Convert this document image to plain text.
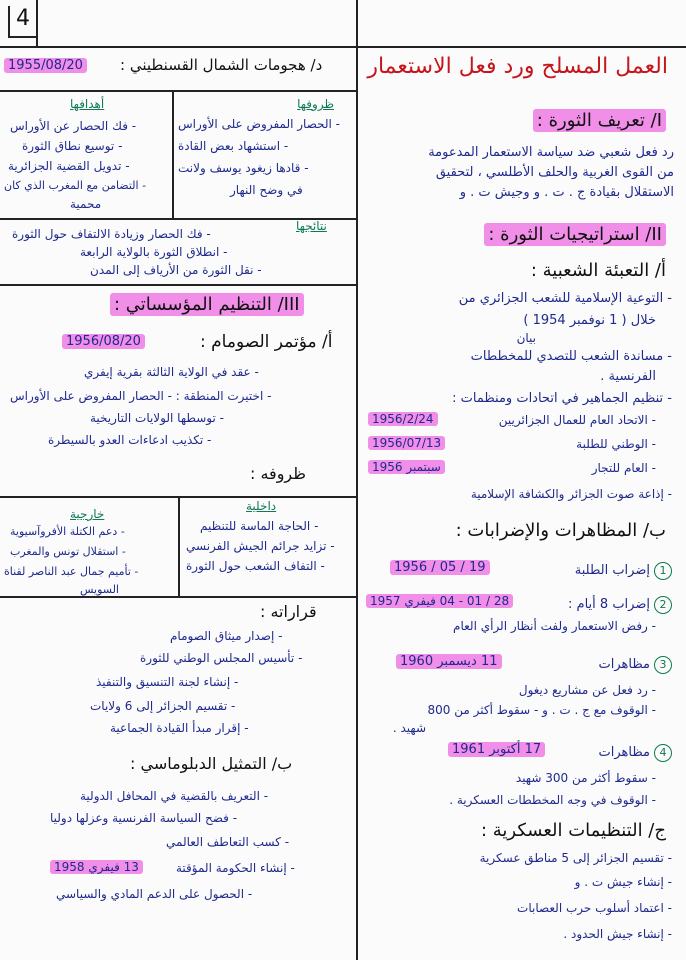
4
العمل المسلح ورد فعل الاستعمار
I/ تعريف الثورة :
رد فعل شعبي ضد سياسة الاستعمار المدعومة
من القوى الغربية والحلف الأطلسي ، لتحقيق
الاستقلال بقيادة ج . ت . و وجيش ت . و
II/ استراتيجيات الثورة :
أ/ التعبئة الشعبية :
- التوعية الإسلامية للشعب الجزائري من
خلال ( 1 نوفمبر 1954 )
بيان
- مساندة الشعب للتصدي للمخططات
الفرنسية .
- تنظيم الجماهير في اتحادات ومنظمات :
- الاتحاد العام للعمال الجزائريين
1956/2/24
- الوطني للطلبة
1956/07/13
- العام للتجار
سبتمبر 1956
- إذاعة صوت الجزائر والكشافة الإسلامية
ب/ المظاهرات والإضرابات :
1إضراب الطلبة
19 / 05 / 1956
2إضراب 8 أيام :
28 / 01 - 04 فيفري 1957
- رفض الاستعمار ولفت أنظار الرأي العام
3مظاهرات
11 ديسمبر 1960
- رد فعل عن مشاريع ديغول
- الوقوف مع ج . ت . و - سقوط أكثر من 800
شهيد .
4مظاهرات
17 أكتوبر 1961
- سقوط أكثر من 300 شهيد
- الوقوف في وجه المخططات العسكرية .
ج/ التنظيمات العسكرية :
- تقسيم الجزائر إلى 5 مناطق عسكرية
- إنشاء جيش ت . و
- اعتماد أسلوب حرب العصابات
- إنشاء جيش الحدود .
د/ هجومات الشمال القسنطيني :
1955/08/20
ظروفها
- الحصار المفروض على الأوراس
- استشهاد بعض القادة
- قادها زيغود يوسف ولانت
في وضح النهار
أهدافها
- فك الحصار عن الأوراس
- توسيع نطاق الثورة
- تدويل القضية الجزائرية
- التضامن مع المغرب الذي كان
محمية
نتائجها
- فك الحصار وزيادة الالتفاف حول الثورة
- انطلاق الثورة بالولاية الرابعة
- نقل الثورة من الأرياف إلى المدن
III/ التنظيم المؤسساتي :
أ/ مؤتمر الصومام :
1956/08/20
- عقد في الولاية الثالثة بقرية إيفري
- اختيرت المنطقة : - الحصار المفروض على الأوراس
- توسطها الولايات التاريخية
- تكذيب ادعاءات العدو بالسيطرة
ظروفه :
داخلية
- الحاجة الماسة للتنظيم
- تزايد جرائم الجيش الفرنسي
- التفاف الشعب حول الثورة
خارجية
- دعم الكتلة الأفروآسيوية
- استقلال تونس والمغرب
- تأميم جمال عبد الناصر لقناة
السويس
قراراته :
- إصدار ميثاق الصومام
- تأسيس المجلس الوطني للثورة
- إنشاء لجنة التنسيق والتنفيذ
- تقسيم الجزائر إلى 6 ولايات
- إقرار مبدأ القيادة الجماعية
ب/ التمثيل الدبلوماسي :
- التعريف بالقضية في المحافل الدولية
- فضح السياسة الفرنسية وعزلها دوليا
- كسب التعاطف العالمي
- إنشاء الحكومة المؤقتة
13 فيفري 1958
- الحصول على الدعم المادي والسياسي
